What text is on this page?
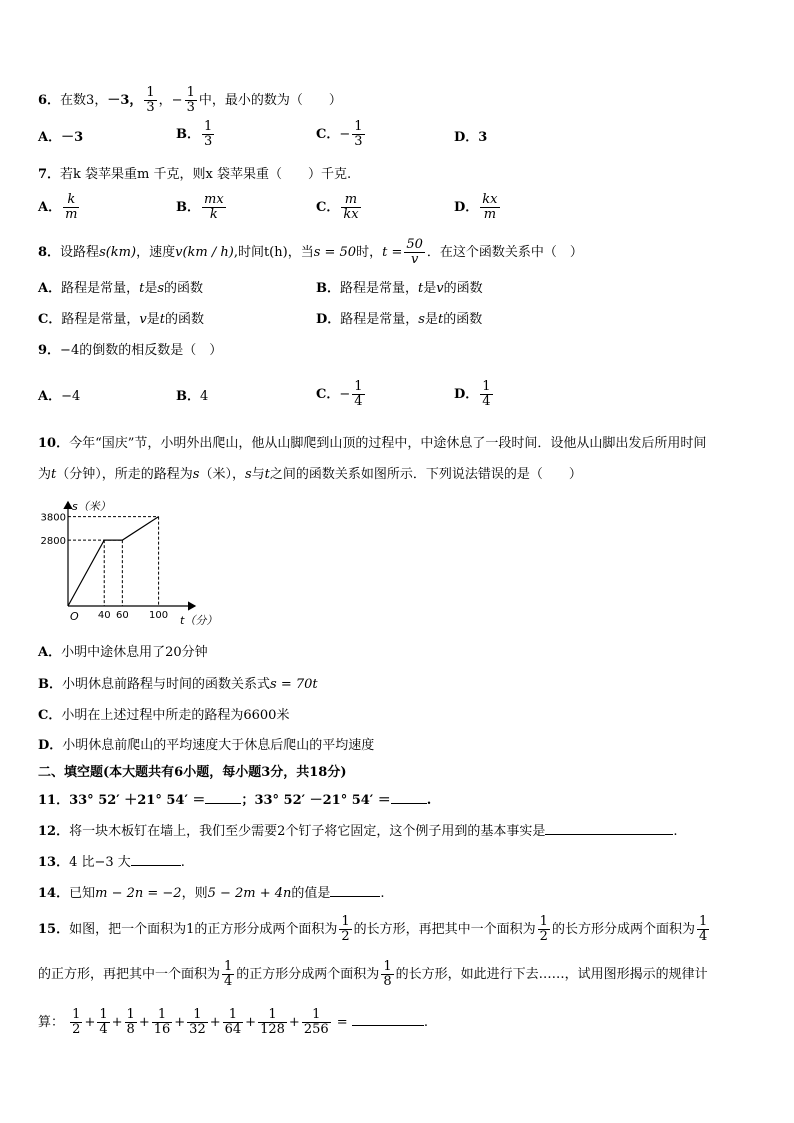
6．在数3，－3， $\frac{1}{3}$ ，− $\frac{1}{3}$ 中，最小的数为（　　）
A．－3	B． $\frac{1}{3}$	C．− $\frac{1}{3}$	D．3
7．若k 袋苹果重m 千克，则x 袋苹果重（　　）千克.
A． $\frac{k}{m}$	B． $\frac{mx}{k}$	C． $\frac{m}{kx}$	D． $\frac{kx}{m}$
8．设路程s(km)，速度v(km / h),时间t(h)，当s = 50时，$t = \frac{50}{v}$ ．在这个函数关系中（　）
A．路程是常量，t是s的函数	B．路程是常量，t是v的函数
C．路程是常量，v是t的函数	D．路程是常量，s是t的函数
9．−4的倒数的相反数是（　）
A．−4	B．4	C．− $\frac{1}{4}$	D． $\frac{1}{4}$
10．今年“国庆”节，小明外出爬山，他从山脚爬到山顶的过程中，中途休息了一段时间．设他从山脚出发后所用时间
为t（分钟），所走的路程为s（米），s与t之间的函数关系如图所示．下列说法错误的是（　　）
s（米）
t（分）
O 40 60 100
2800
3800
A．小明中途休息用了20分钟
B．小明休息前路程与时间的函数关系式s = 70t
C．小明在上述过程中所走的路程为6600米
D．小明休息前爬山的平均速度大于休息后爬山的平均速度
二、填空题(本大题共有6小题，每小题3分，共18分)
11．33° 52′ ＋21° 54′ ＝	；33° 52′ －21° 54′ ＝	.
12．将一块木板钉在墙上，我们至少需要2个钉子将它固定，这个例子用到的基本事实是	.
13．4 比−3 大	.
14．已知m − 2n = −2，则5 − 2m + 4n的值是	.
15．如图，把一个面积为1的正方形分成两个面积为 $\frac{1}{2}$ 的长方形，再把其中一个面积为 $\frac{1}{2}$ 的长方形分成两个面积为 $\frac{1}{4}$
的正方形，再把其中一个面积为 $\frac{1}{4}$ 的正方形分成两个面积为 $\frac{1}{8}$ 的长方形，如此进行下去……，试用图形揭示的规律计
算： $\frac{1}{2} + \frac{1}{4} + \frac{1}{8} + \frac{1}{16} + \frac{1}{32} + \frac{1}{64} + \frac{1}{128} + \frac{1}{256}$ =	.
